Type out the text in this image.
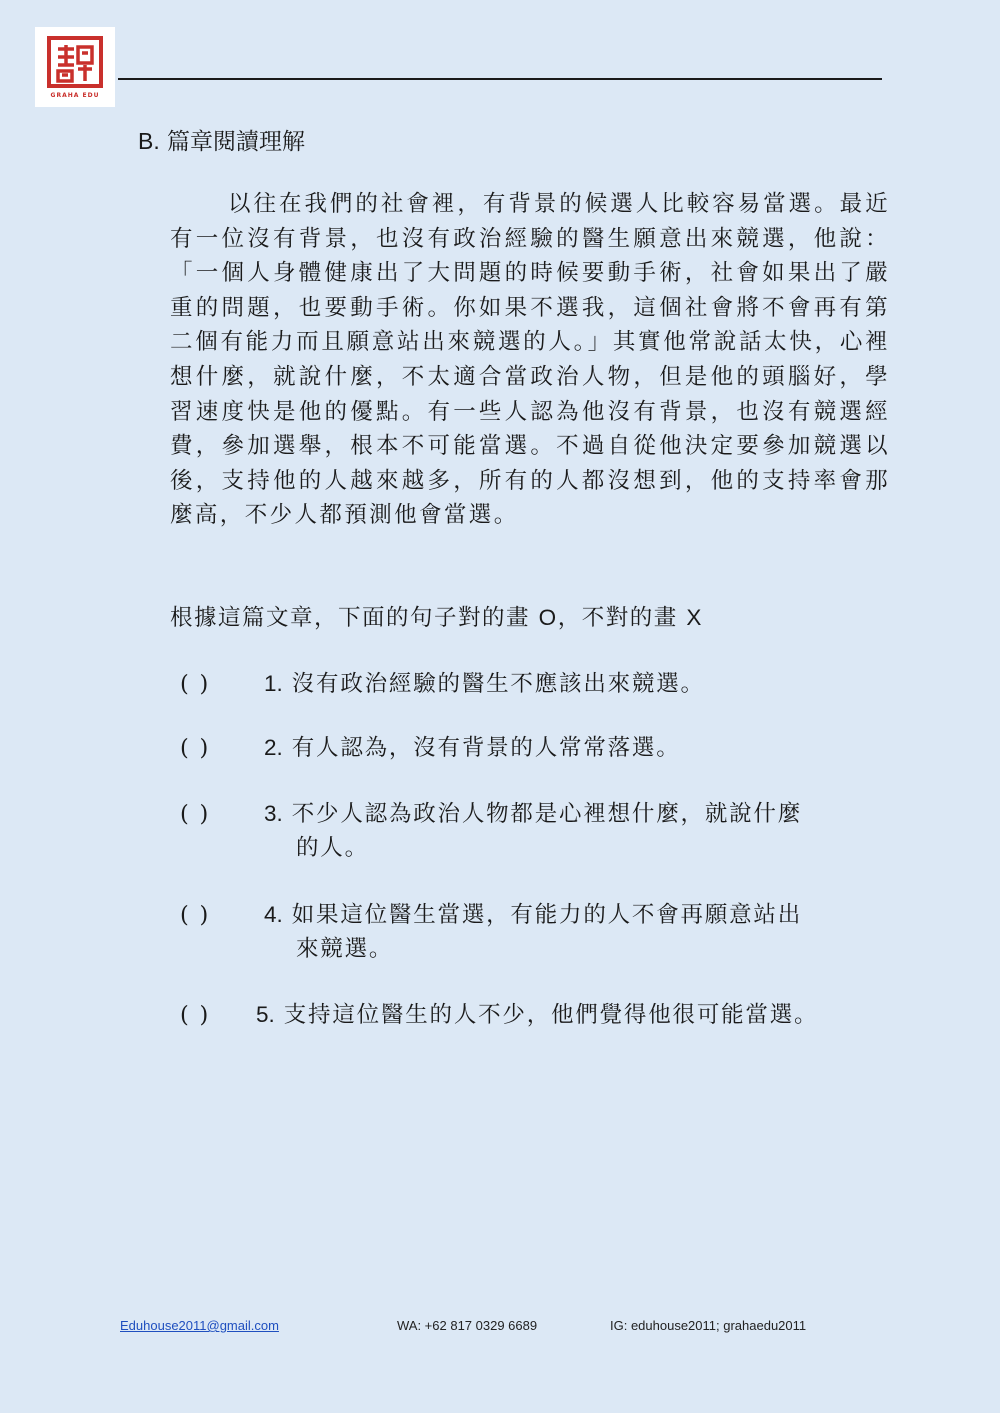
GRAHA EDU
B. 篇章閱讀理解
以往在我們的社會裡，有背景的候選人比較容易當選。最近有一位沒有背景，也沒有政治經驗的醫生願意出來競選，他說：「一個人身體健康出了大問題的時候要動手術，社會如果出了嚴重的問題，也要動手術。你如果不選我，這個社會將不會再有第二個有能力而且願意站出來競選的人。」其實他常說話太快，心裡想什麼，就說什麼，不太適合當政治人物，但是他的頭腦好，學習速度快是他的優點。有一些人認為他沒有背景，也沒有競選經費，參加選舉，根本不可能當選。不過自從他決定要參加競選以後，支持他的人越來越多，所有的人都沒想到，他的支持率會那麼高，不少人都預測他會當選。
根據這篇文章，下面的句子對的畫 O，不對的畫 X
( ) 1. 沒有政治經驗的醫生不應該出來競選。
( ) 2. 有人認為，沒有背景的人常常落選。
( ) 3. 不少人認為政治人物都是心裡想什麼，就說什麼
的人。
( ) 4. 如果這位醫生當選，有能力的人不會再願意站出
來競選。
( ) 5. 支持這位醫生的人不少，他們覺得他很可能當選。
Eduhouse2011@gmail.com	WA: +62 817 0329 6689	IG: eduhouse2011; grahaedu2011
